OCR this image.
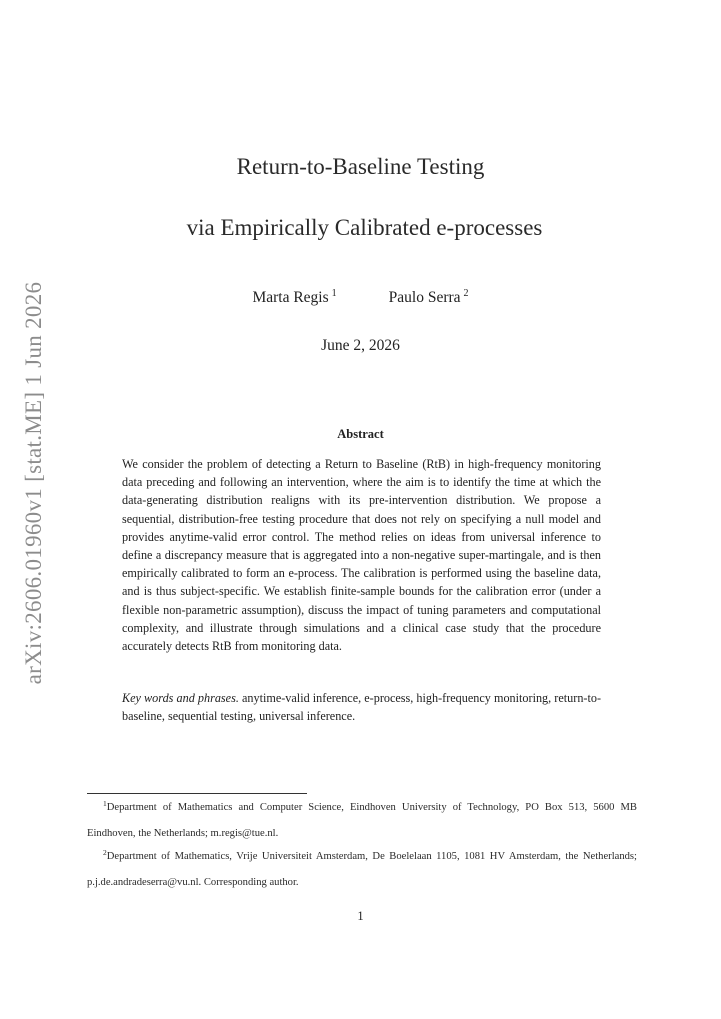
arXiv:2606.01960v1 [stat.ME] 1 Jun 2026
Return-to-Baseline Testing
via Empirically Calibrated e-processes
Marta Regis $^1$	Paulo Serra $^2$
June 2, 2026
Abstract
We consider the problem of detecting a Return to Baseline (RtB) in high-frequency monitoring data preceding and following an intervention, where the aim is to identify the time at which the data-generating distribution realigns with its pre-intervention distribution. We propose a sequential, distribution-free testing procedure that does not rely on specifying a null model and provides anytime-valid error control. The method relies on ideas from universal inference to define a discrepancy measure that is aggregated into a non-negative super-martingale, and is then empirically calibrated to form an e-process. The calibration is performed using the baseline data, and is thus subject-specific. We establish finite-sample bounds for the calibration error (under a flexible non-parametric assumption), discuss the impact of tuning parameters and computational complexity, and illustrate through simulations and a clinical case study that the procedure accurately detects RtB from monitoring data.
Key words and phrases. anytime-valid inference, e-process, high-frequency monitoring, return-to-baseline, sequential testing, universal inference.
$^1$Department of Mathematics and Computer Science, Eindhoven University of Technology, PO Box 513, 5600 MB Eindhoven, the Netherlands; m.regis@tue.nl.
$^2$Department of Mathematics, Vrije Universiteit Amsterdam, De Boelelaan 1105, 1081 HV Amsterdam, the Netherlands; p.j.de.andradeserra@vu.nl. Corresponding author.
1
